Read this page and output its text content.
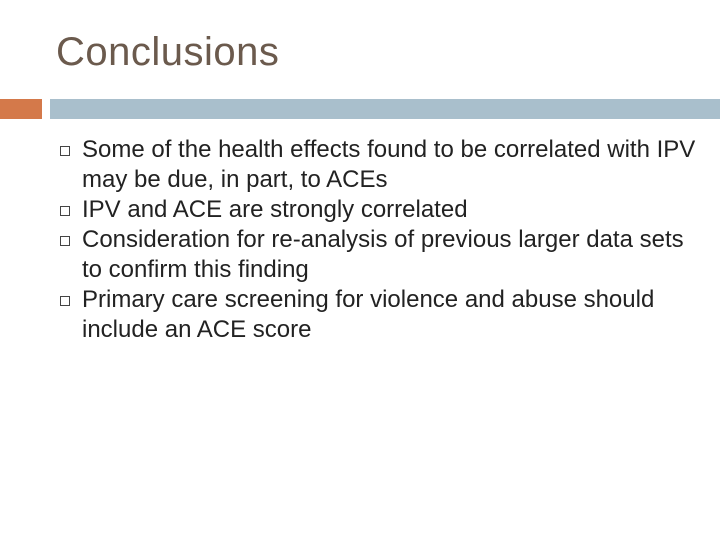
Conclusions
Some of the health effects found to be correlated with IPV may be due, in part, to ACEs
IPV and ACE are strongly correlated
Consideration for re-analysis of previous larger data sets to confirm this finding
Primary care screening for violence and abuse should include an ACE score
